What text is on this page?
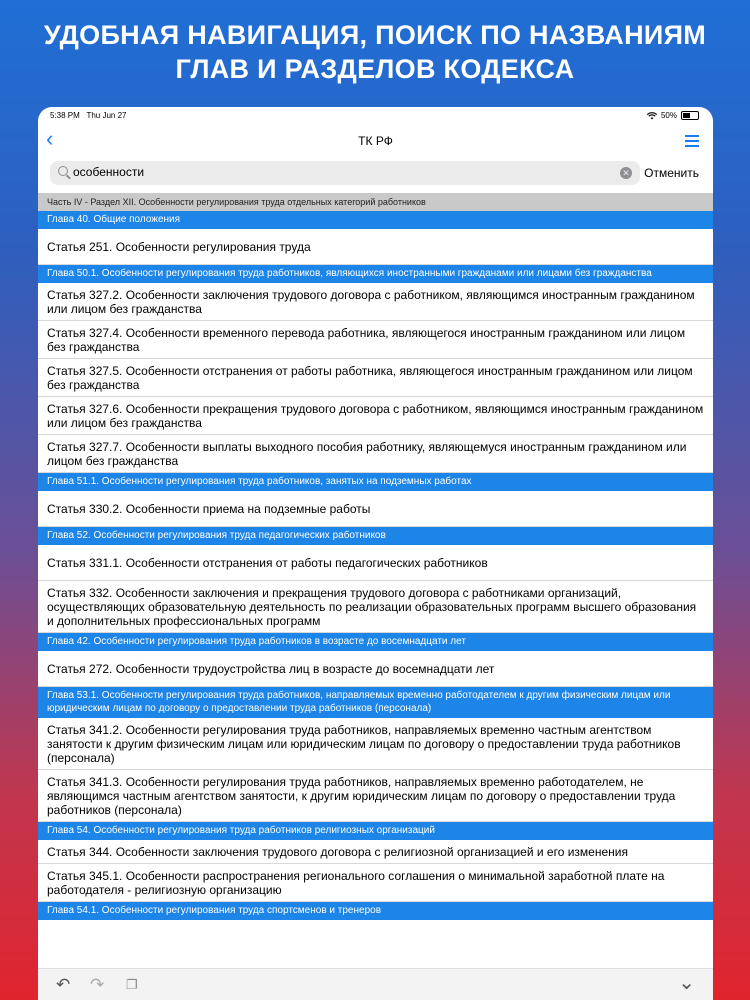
УДОБНАЯ НАВИГАЦИЯ, ПОИСК ПО НАЗВАНИЯМ
ГЛАВ И РАЗДЕЛОВ КОДЕКСА
5:38 PM Thu Jun 27	50%
‹	ТК РФ
особенности
✕ Отменить
Часть IV - Раздел XII. Особенности регулирования труда отдельных категорий работников
Глава 40. Общие положения
Статья 251. Особенности регулирования труда
Глава 50.1. Особенности регулирования труда работников, являющихся иностранными гражданами или лицами без гражданства
Статья 327.2. Особенности заключения трудового договора с работником, являющимся иностранным гражданином или лицом без гражданства
Статья 327.4. Особенности временного перевода работника, являющегося иностранным гражданином или лицом без гражданства
Статья 327.5. Особенности отстранения от работы работника, являющегося иностранным гражданином или лицом без гражданства
Статья 327.6. Особенности прекращения трудового договора с работником, являющимся иностранным гражданином или лицом без гражданства
Статья 327.7. Особенности выплаты выходного пособия работнику, являющемуся иностранным гражданином или лицом без гражданства
Глава 51.1. Особенности регулирования труда работников, занятых на подземных работах
Статья 330.2. Особенности приема на подземные работы
Глава 52. Особенности регулирования труда педагогических работников
Статья 331.1. Особенности отстранения от работы педагогических работников
Статья 332. Особенности заключения и прекращения трудового договора с работниками организаций, осуществляющих образовательную деятельность по реализации образовательных программ высшего образования и дополнительных профессиональных программ
Глава 42. Особенности регулирования труда работников в возрасте до восемнадцати лет
Статья 272. Особенности трудоустройства лиц в возрасте до восемнадцати лет
Глава 53.1. Особенности регулирования труда работников, направляемых временно работодателем к другим физическим лицам или юридическим лицам по договору о предоставлении труда работников (персонала)
Статья 341.2. Особенности регулирования труда работников, направляемых временно частным агентством занятости к другим физическим лицам или юридическим лицам по договору о предоставлении труда работников (персонала)
Статья 341.3. Особенности регулирования труда работников, направляемых временно работодателем, не являющимся частным агентством занятости, к другим юридическим лицам по договору о предоставлении труда работников (персонала)
Глава 54. Особенности регулирования труда работников религиозных организаций
Статья 344. Особенности заключения трудового договора с религиозной организацией и его изменения
Статья 345.1. Особенности распространения регионального соглашения о минимальной заработной плате на работодателя - религиозную организацию
Глава 54.1. Особенности регулирования труда спортсменов и тренеров
↶ ↷ ❐	⌄
